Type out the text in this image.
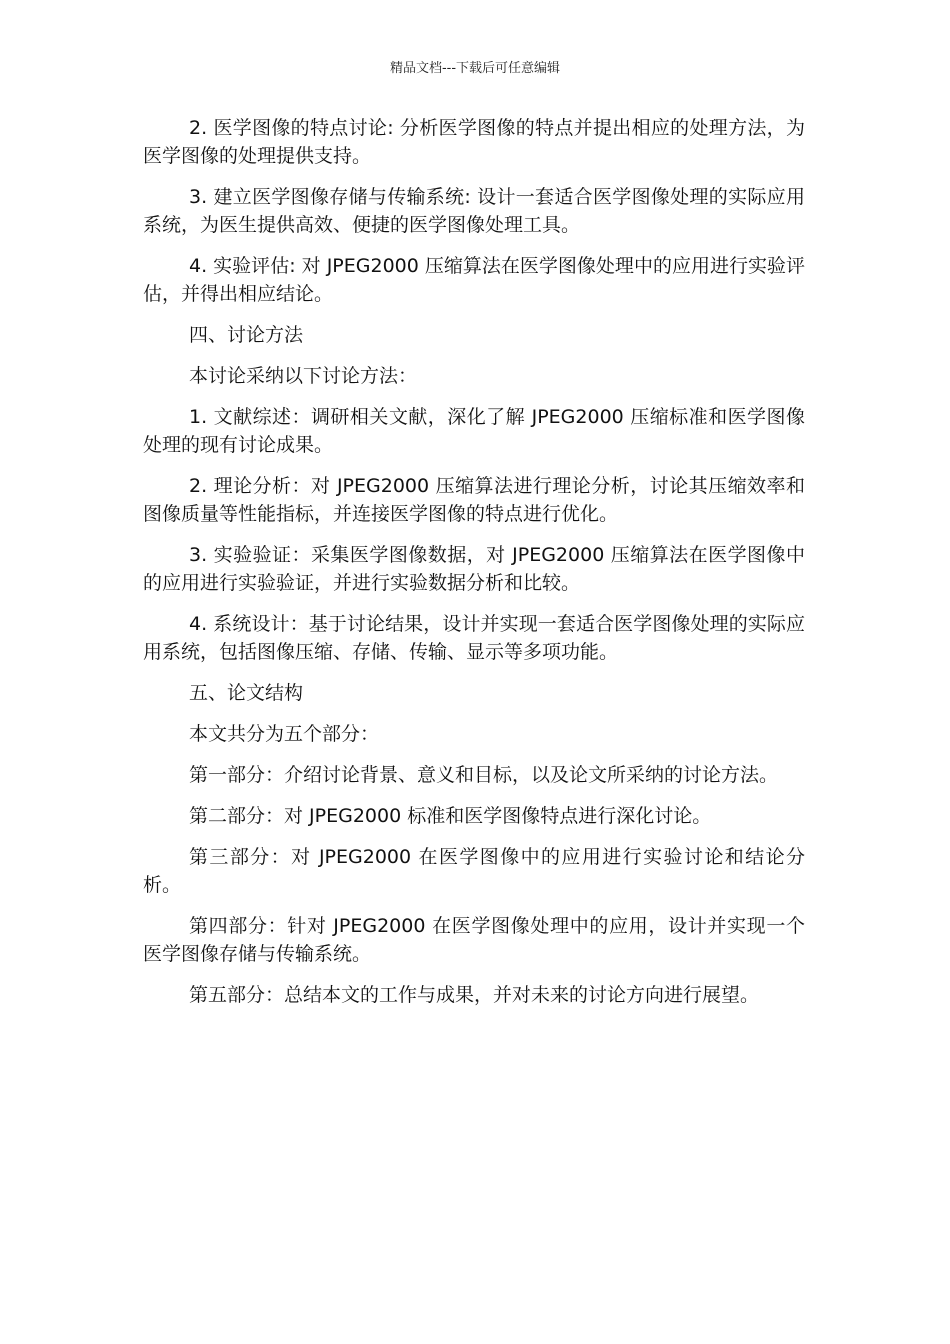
精品文档---下载后可任意编辑

2. 医学图像的特点讨论: 分析医学图像的特点并提出相应的处理方法，为医学图像的处理提供支持。

3. 建立医学图像存储与传输系统: 设计一套适合医学图像处理的实际应用系统，为医生提供高效、便捷的医学图像处理工具。

4. 实验评估: 对 JPEG2000 压缩算法在医学图像处理中的应用进行实验评估，并得出相应结论。

四、讨论方法

本讨论采纳以下讨论方法：

1. 文献综述：调研相关文献，深化了解 JPEG2000 压缩标准和医学图像处理的现有讨论成果。

2. 理论分析：对 JPEG2000 压缩算法进行理论分析，讨论其压缩效率和图像质量等性能指标，并连接医学图像的特点进行优化。

3. 实验验证：采集医学图像数据，对 JPEG2000 压缩算法在医学图像中的应用进行实验验证，并进行实验数据分析和比较。

4. 系统设计：基于讨论结果，设计并实现一套适合医学图像处理的实际应用系统，包括图像压缩、存储、传输、显示等多项功能。

五、论文结构

本文共分为五个部分：

第一部分：介绍讨论背景、意义和目标，以及论文所采纳的讨论方法。

第二部分：对 JPEG2000 标准和医学图像特点进行深化讨论。

第三部分：对 JPEG2000 在医学图像中的应用进行实验讨论和结论分析。

第四部分：针对 JPEG2000 在医学图像处理中的应用，设计并实现一个医学图像存储与传输系统。

第五部分：总结本文的工作与成果，并对未来的讨论方向进行展望。
